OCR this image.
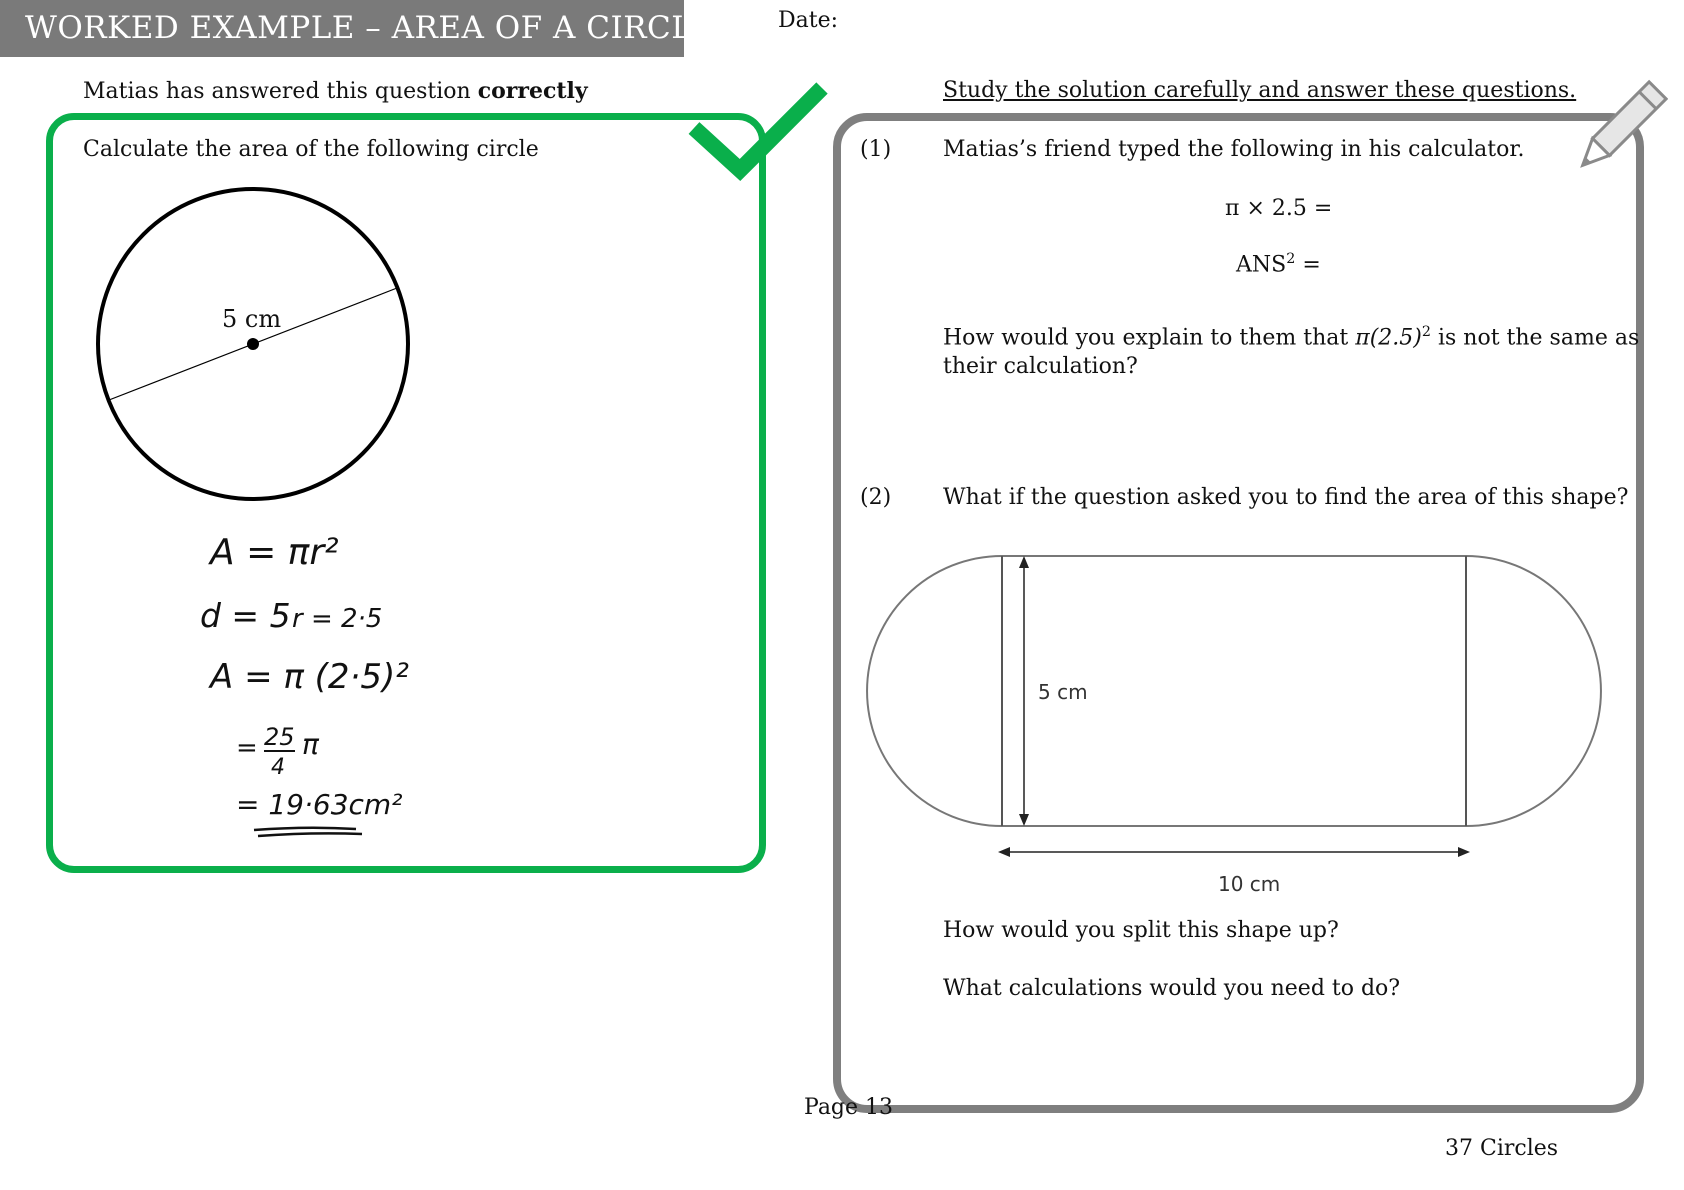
WORKED EXAMPLE – AREA OF A CIRCLE	Date:
Matias has answered this question correctly
Calculate the area of the following circle
5 cm
A = πr²
d = 5 r = 2·5
A = π (2·5)²
= 25
4
π
= 19·63cm²
Study the solution carefully and answer these questions.
(1) Matias’s friend typed the following in his calculator.
π × 2.5 =
$ANS^2$ =
How would you explain to them that $\pi(2.5)^2$ is not the same as
their calculation?
(2) What if the question asked you to find the area of this shape?
5 cm
10 cm
How would you split this shape up?
What calculations would you need to do?
Page 13
37 Circles
